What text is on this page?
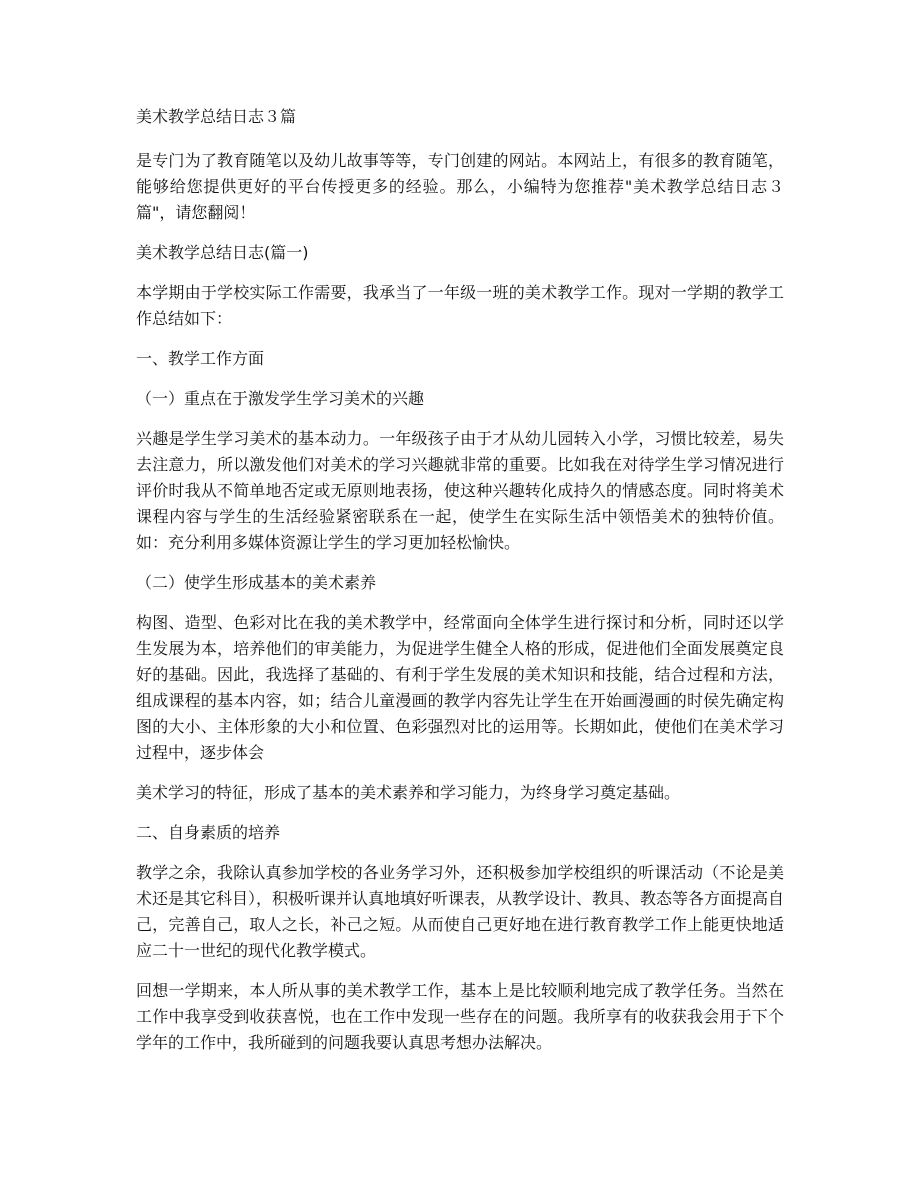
美术教学总结日志３篇

是专门为了教育随笔以及幼儿故事等等，专门创建的网站。本网站上，有很多的教育随笔，能够给您提供更好的平台传授更多的经验。那么，小编特为您推荐"美术教学总结日志３篇"，请您翻阅！

美术教学总结日志(篇一)

本学期由于学校实际工作需要，我承当了一年级一班的美术教学工作。现对一学期的教学工作总结如下：

一、教学工作方面

（一）重点在于激发学生学习美术的兴趣

兴趣是学生学习美术的基本动力。一年级孩子由于才从幼儿园转入小学，习惯比较差，易失去注意力，所以激发他们对美术的学习兴趣就非常的重要。比如我在对待学生学习情况进行评价时我从不简单地否定或无原则地表扬，使这种兴趣转化成持久的情感态度。同时将美术课程内容与学生的生活经验紧密联系在一起，使学生在实际生活中领悟美术的独特价值。如：充分利用多媒体资源让学生的学习更加轻松愉快。

（二）使学生形成基本的美术素养

构图、造型、色彩对比在我的美术教学中，经常面向全体学生进行探讨和分析，同时还以学生发展为本，培养他们的审美能力，为促进学生健全人格的形成，促进他们全面发展奠定良好的基础。因此，我选择了基础的、有利于学生发展的美术知识和技能，结合过程和方法，组成课程的基本内容，如；结合儿童漫画的教学内容先让学生在开始画漫画的时侯先确定构图的大小、主体形象的大小和位置、色彩强烈对比的运用等。长期如此，使他们在美术学习过程中，逐步体会

美术学习的特征，形成了基本的美术素养和学习能力，为终身学习奠定基础。

二、自身素质的培养

教学之余，我除认真参加学校的各业务学习外，还积极参加学校组织的听课活动（不论是美术还是其它科目），积极听课并认真地填好听课表，从教学设计、教具、教态等各方面提高自己，完善自己，取人之长，补己之短。从而使自己更好地在进行教育教学工作上能更快地适应二十一世纪的现代化教学模式。

回想一学期来，本人所从事的美术教学工作，基本上是比较顺利地完成了教学任务。当然在工作中我享受到收获喜悦，也在工作中发现一些存在的问题。我所享有的收获我会用于下个学年的工作中，我所碰到的问题我要认真思考想办法解决。
